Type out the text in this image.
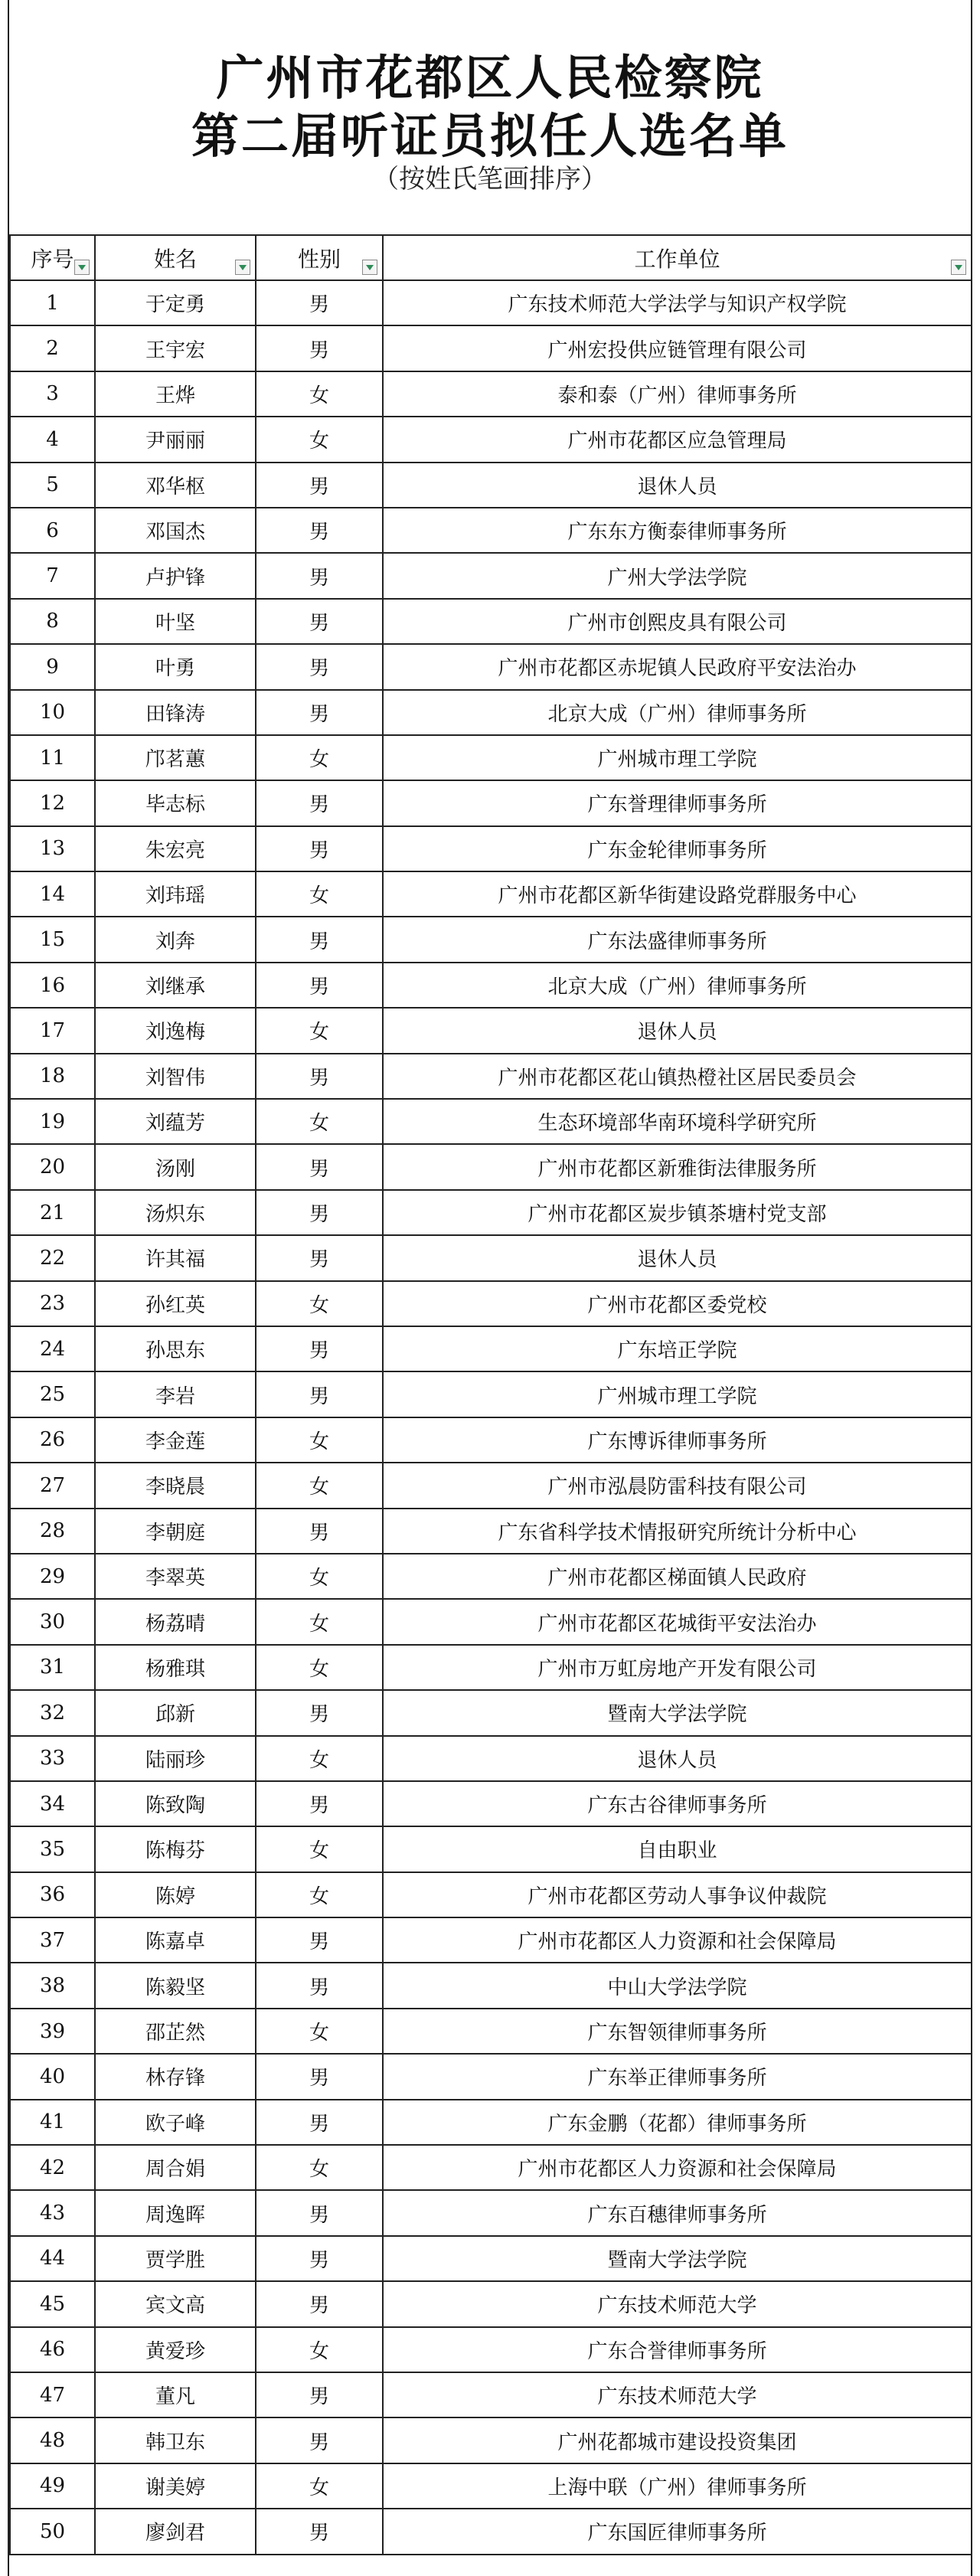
广州市花都区人民检察院
第二届听证员拟任人选名单
（按姓氏笔画排序）
序号	姓名	性别	工作单位

1	于定勇	男	广东技术师范大学法学与知识产权学院
2	王宇宏	男	广州宏投供应链管理有限公司
3	王烨	女	泰和泰（广州）律师事务所
4	尹丽丽	女	广州市花都区应急管理局
5	邓华枢	男	退休人员
6	邓国杰	男	广东东方衡泰律师事务所
7	卢护锋	男	广州大学法学院
8	叶坚	男	广州市创熙皮具有限公司
9	叶勇	男	广州市花都区赤坭镇人民政府平安法治办
10	田锋涛	男	北京大成（广州）律师事务所
11	邝茗蕙	女	广州城市理工学院
12	毕志标	男	广东誉理律师事务所
13	朱宏亮	男	广东金轮律师事务所
14	刘玮瑶	女	广州市花都区新华街建设路党群服务中心
15	刘奔	男	广东法盛律师事务所
16	刘继承	男	北京大成（广州）律师事务所
17	刘逸梅	女	退休人员
18	刘智伟	男	广州市花都区花山镇热橙社区居民委员会
19	刘蕴芳	女	生态环境部华南环境科学研究所
20	汤刚	男	广州市花都区新雅街法律服务所
21	汤炽东	男	广州市花都区炭步镇茶塘村党支部
22	许其福	男	退休人员
23	孙红英	女	广州市花都区委党校
24	孙思东	男	广东培正学院
25	李岩	男	广州城市理工学院
26	李金莲	女	广东博诉律师事务所
27	李晓晨	女	广州市泓晨防雷科技有限公司
28	李朝庭	男	广东省科学技术情报研究所统计分析中心
29	李翠英	女	广州市花都区梯面镇人民政府
30	杨荔晴	女	广州市花都区花城街平安法治办
31	杨雅琪	女	广州市万虹房地产开发有限公司
32	邱新	男	暨南大学法学院
33	陆丽珍	女	退休人员
34	陈致陶	男	广东古谷律师事务所
35	陈梅芬	女	自由职业
36	陈婷	女	广州市花都区劳动人事争议仲裁院
37	陈嘉卓	男	广州市花都区人力资源和社会保障局
38	陈毅坚	男	中山大学法学院
39	邵芷然	女	广东智领律师事务所
40	林存锋	男	广东举正律师事务所
41	欧子峰	男	广东金鹏（花都）律师事务所
42	周合娟	女	广州市花都区人力资源和社会保障局
43	周逸晖	男	广东百穗律师事务所
44	贾学胜	男	暨南大学法学院
45	宾文高	男	广东技术师范大学
46	黄爱珍	女	广东合誉律师事务所
47	董凡	男	广东技术师范大学
48	韩卫东	男	广州花都城市建设投资集团
49	谢美婷	女	上海中联（广州）律师事务所
50	廖剑君	男	广东国匠律师事务所
